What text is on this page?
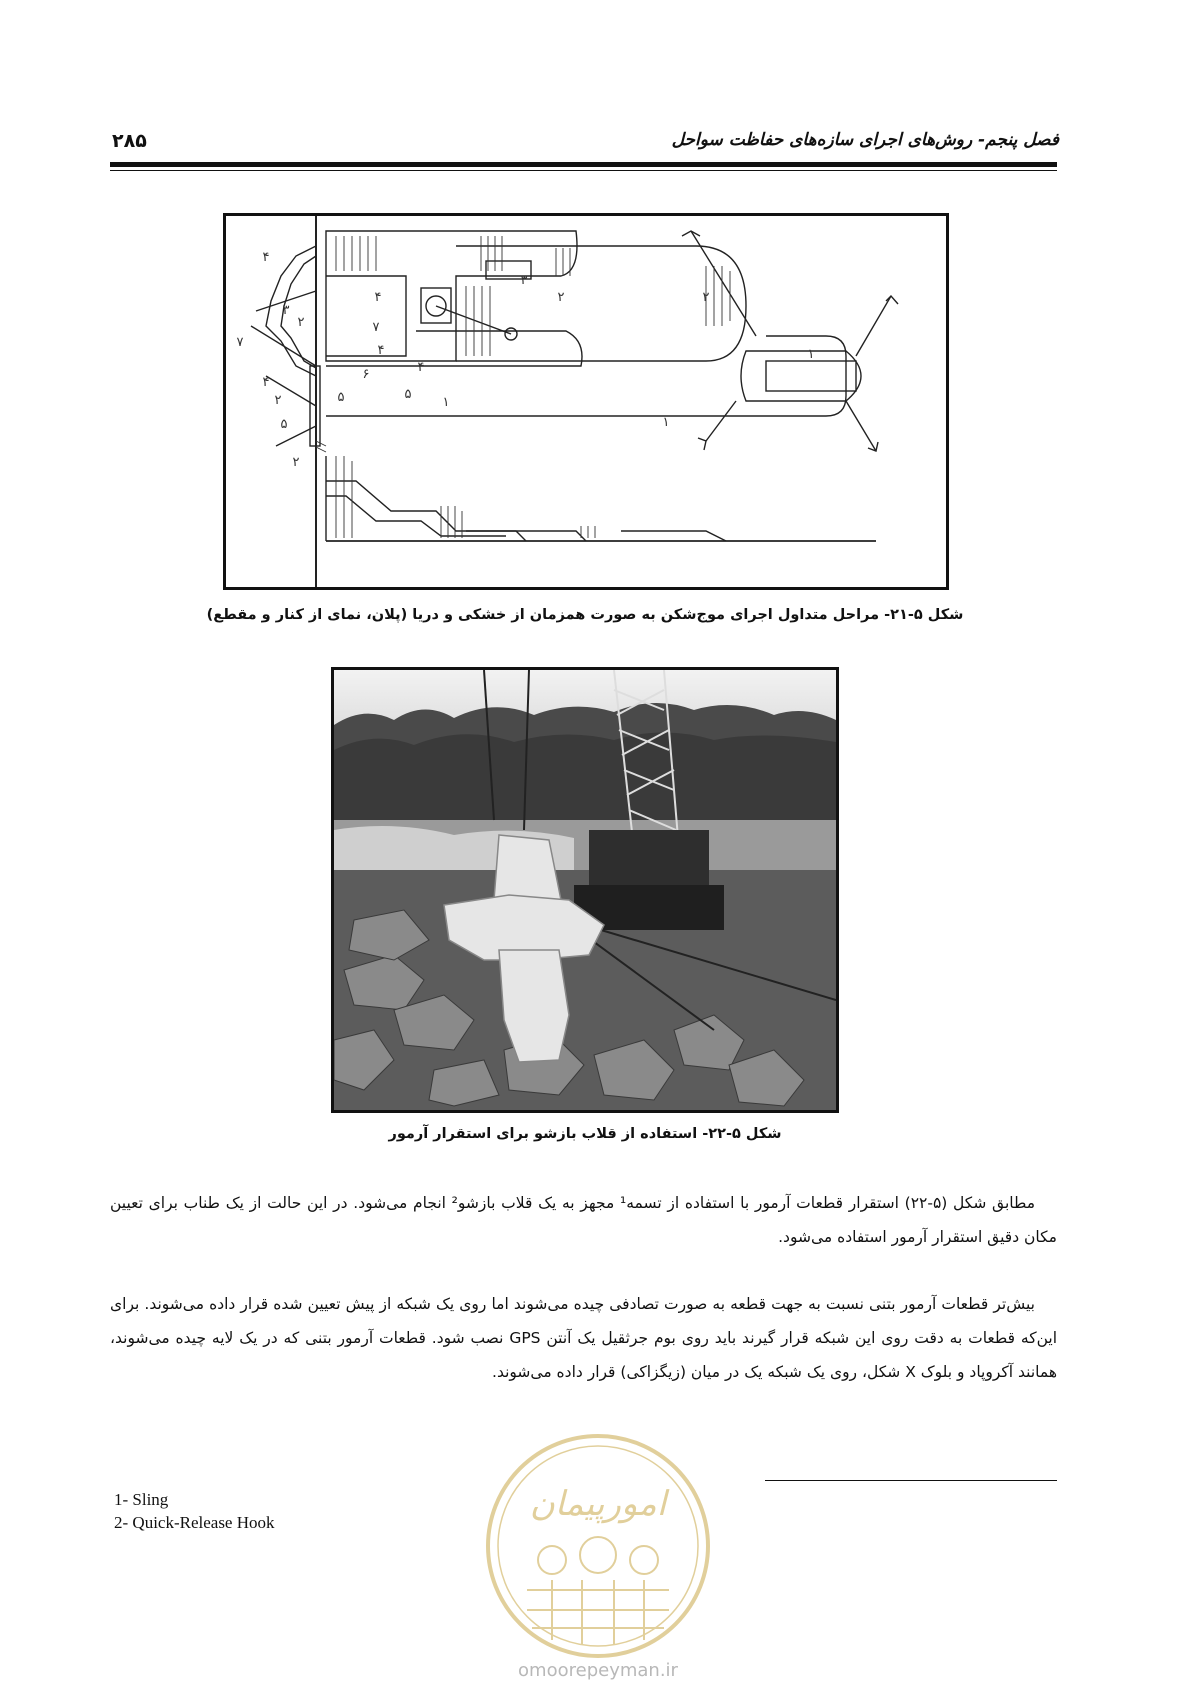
۲۸۵	فصل پنجم- روش‌های اجرای سازه‌های حفاظت سواحل
۴
۳
۲
۷
۴
۲
۵
۲
۴
۳
۲	۲
۷
۴
۶	۴
۵	۵
۱
۱
۱
شکل ۵-۲۱- مراحل متداول اجرای موج‌شکن به صورت همزمان از خشکی و دریا (پلان، نمای از کنار و مقطع)
شکل ۵-۲۲- استفاده از قلاب بازشو برای استقرار آرمور
مطابق شکل (۵-۲۲) استقرار قطعات آرمور با استفاده از تسمه¹ مجهز به یک قلاب بازشو² انجام می‌شود. در این حالت از یک طناب برای تعیین مکان دقیق استقرار آرمور استفاده می‌شود.
بیش‌تر قطعات آرمور بتنی نسبت به جهت قطعه به صورت تصادفی چیده می‌شوند اما روی یک شبکه از پیش تعیین شده قرار داده می‌شوند. برای این‌که قطعات به دقت روی این شبکه قرار گیرند باید روی بوم جرثقیل یک آنتن GPS نصب شود. قطعات آرمور بتنی که در یک لایه چیده می‌شوند، همانند آکروپاد و بلوک X شکل، روی یک شبکه یک در میان (زیگزاکی) قرار داده می‌شوند.
امورپیمان
omoorepeyman.ir
1- Sling
2- Quick-Release Hook
